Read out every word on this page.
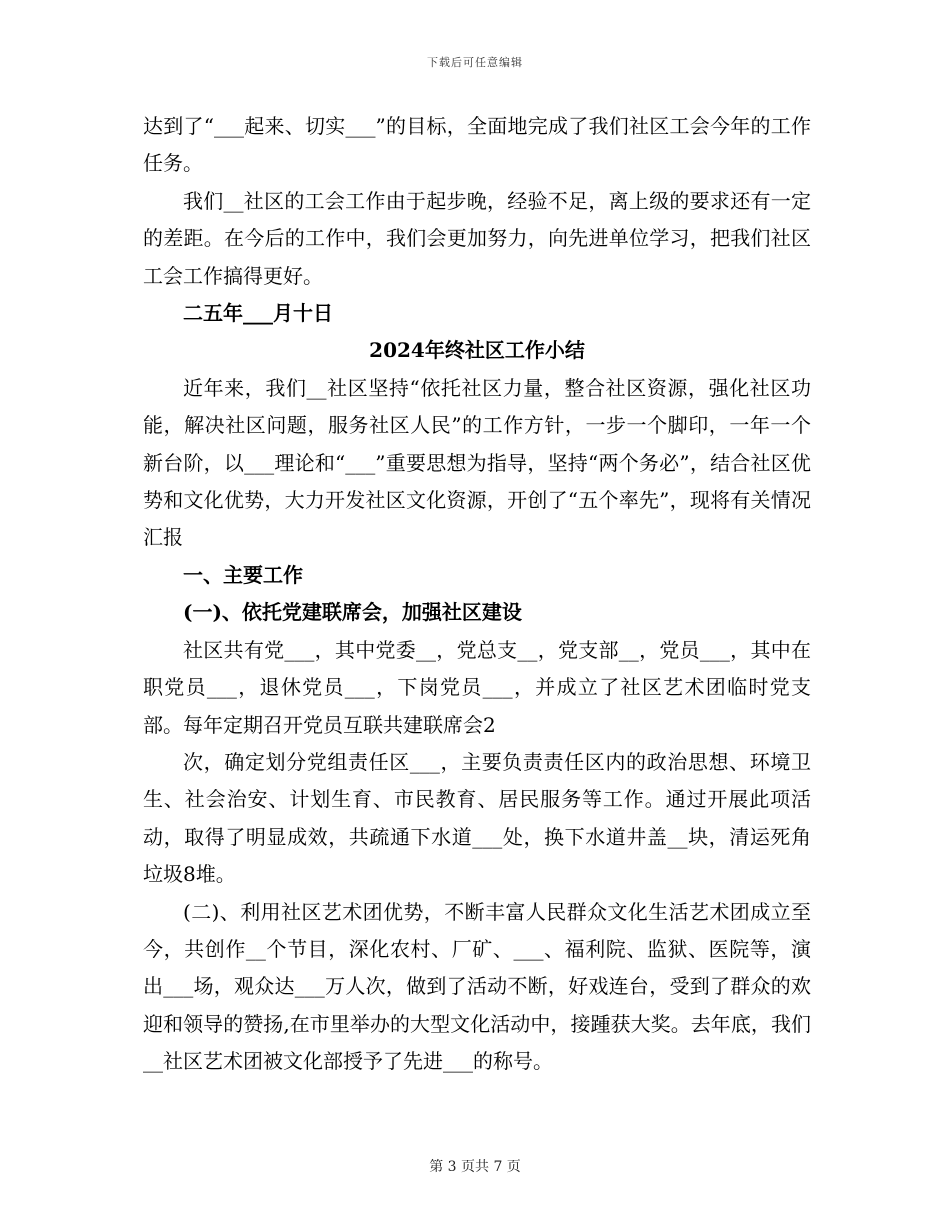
下载后可任意编辑

达到了“___起来、切实___”的目标，全面地完成了我们社区工会今年的工作任务。

我们__社区的工会工作由于起步晚，经验不足，离上级的要求还有一定的差距。在今后的工作中，我们会更加努力，向先进单位学习，把我们社区工会工作搞得更好。

二五年___月十日

2024年终社区工作小结

近年来，我们__社区坚持“依托社区力量，整合社区资源，强化社区功能，解决社区问题，服务社区人民”的工作方针，一步一个脚印，一年一个新台阶，以___理论和“___”重要思想为指导，坚持“两个务必”，结合社区优势和文化优势，大力开发社区文化资源，开创了“五个率先”，现将有关情况汇报

一、主要工作

(一)、依托党建联席会，加强社区建设

社区共有党___，其中党委__，党总支__，党支部__，党员___，其中在职党员___，退休党员___，下岗党员___，并成立了社区艺术团临时党支部。每年定期召开党员互联共建联席会2

次，确定划分党组责任区___，主要负责责任区内的政治思想、环境卫生、社会治安、计划生育、市民教育、居民服务等工作。通过开展此项活动，取得了明显成效，共疏通下水道___处，换下水道井盖__块，清运死角垃圾8堆。

(二)、利用社区艺术团优势，不断丰富人民群众文化生活艺术团成立至今，共创作__个节目，深化农村、厂矿、___、福利院、监狱、医院等，演出___场，观众达___万人次，做到了活动不断，好戏连台，受到了群众的欢迎和领导的赞扬,在市里举办的大型文化活动中，接踵获大奖。去年底，我们__社区艺术团被文化部授予了先进___的称号。

第 3 页共 7 页
